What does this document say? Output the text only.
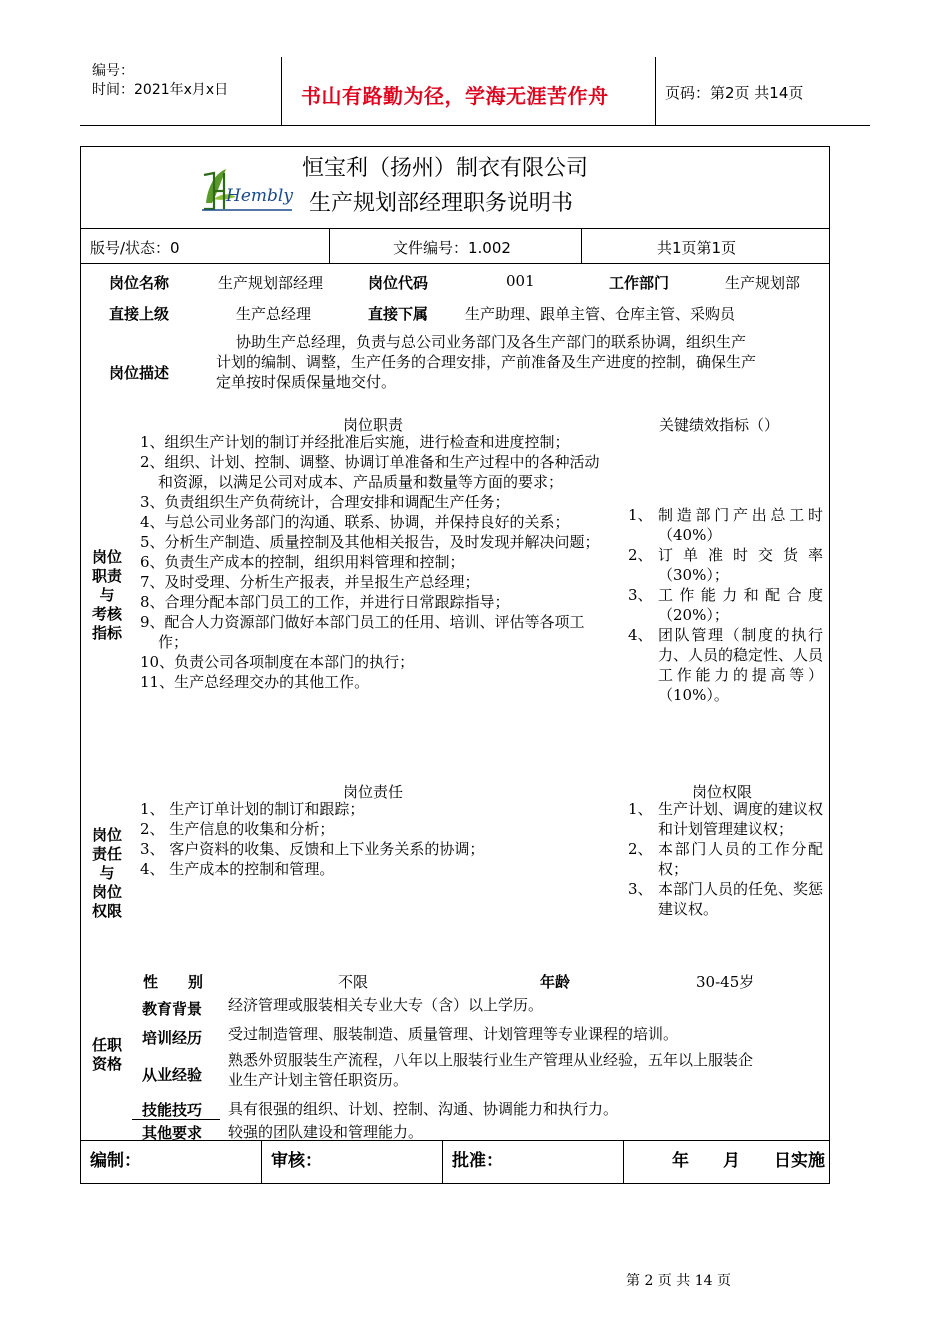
编号：
时间：2021年x月x日	书山有路勤为径，学海无涯苦作舟	页码：第2页 共14页
Hembly
恒宝利（扬州）制衣有限公司
生产规划部经理职务说明书
版号/状态：0	文件编号：1.002	共1页第1页
岗位名称	生产规划部经理	岗位代码	001	工作部门	生产规划部
直接上级	生产总经理	直接下属 生产助理、跟单主管、仓库主管、采购员
岗位描述
协助生产总经理，负责与总公司业务部门及各生产部门的联系协调，组织生产
计划的编制、调整，生产任务的合理安排，产前准备及生产进度的控制，确保生产
定单按时保质保量地交付。
岗位职责	关键绩效指标（）
岗位
职责
与
考核
指标
1、组织生产计划的制订并经批准后实施，进行检查和进度控制；
2、组织、计划、控制、调整、协调订单准备和生产过程中的各种活动和资源，以满足公司对成本、产品质量和数量等方面的要求；
3、负责组织生产负荷统计，合理安排和调配生产任务；
4、与总公司业务部门的沟通、联系、协调，并保持良好的关系；
5、分析生产制造、质量控制及其他相关报告，及时发现并解决问题；
6、负责生产成本的控制，组织用料管理和控制；
7、及时受理、分析生产报表，并呈报生产总经理；
8、合理分配本部门员工的工作，并进行日常跟踪指导；
9、配合人力资源部门做好本部门员工的任用、培训、评估等各项工作；
10、负责公司各项制度在本部门的执行；
11、生产总经理交办的其他工作。
1、 制造部门产出总工时（40%）
2、 订单准时交货率（30%）；
3、 工作能力和配合度（20%）；
4、 团队管理（制度的执行力、人员的稳定性、人员工作能力的提高等）（10%）。
岗位责任	岗位权限
岗位
责任
与
岗位
权限
1、 生产订单计划的制订和跟踪；
2、 生产信息的收集和分析；
3、 客户资料的收集、反馈和上下业务关系的协调；
4、 生产成本的控制和管理。
1、 生产计划、调度的建议权和计划管理建议权；
2、 本部门人员的工作分配权；
3、 本部门人员的任免、奖惩建议权。
任职
资格
性　　别	不限	年龄	30-45岁
教育背景 经济管理或服装相关专业大专（含）以上学历。
培训经历 受过制造管理、服装制造、质量管理、计划管理等专业课程的培训。
从业经验
熟悉外贸服装生产流程，八年以上服装行业生产管理从业经验，五年以上服装企
业生产计划主管任职资历。
技能技巧 具有很强的组织、计划、控制、沟通、协调能力和执行力。
其他要求 较强的团队建设和管理能力。
编制：	审核：	批准：	年　　月　　日实施
第 2 页 共 14 页
